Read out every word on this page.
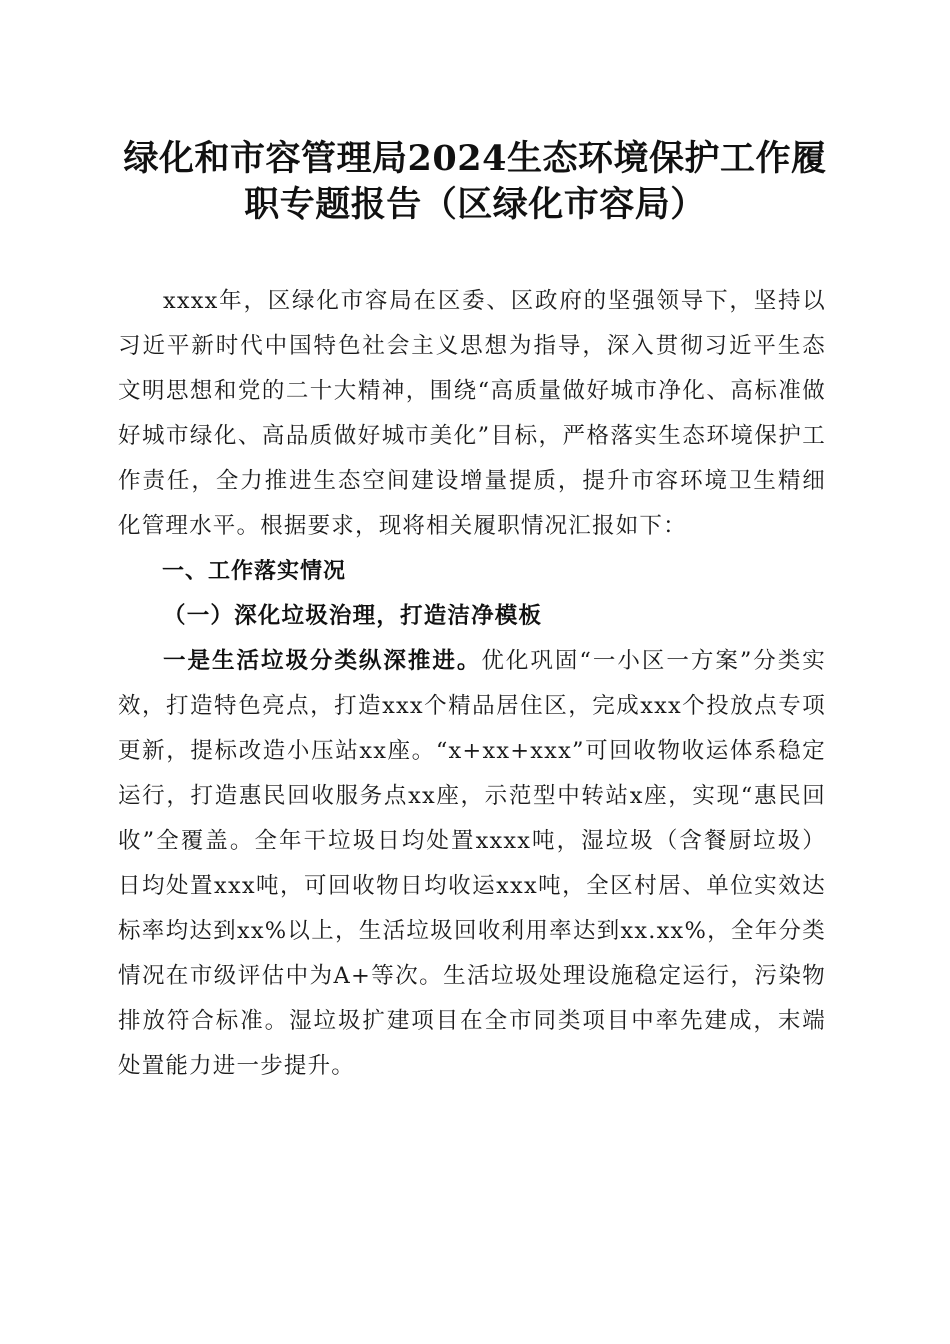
绿化和市容管理局2024生态环境保护工作履
职专题报告（区绿化市容局）

xxxx年，区绿化市容局在区委、区政府的坚强领导下，坚持以习近平新时代中国特色社会主义思想为指导，深入贯彻习近平生态文明思想和党的二十大精神，围绕“高质量做好城市净化、高标准做好城市绿化、高品质做好城市美化”目标，严格落实生态环境保护工作责任，全力推进生态空间建设增量提质，提升市容环境卫生精细化管理水平。根据要求，现将相关履职情况汇报如下：

一、工作落实情况

（一）深化垃圾治理，打造洁净模板

一是生活垃圾分类纵深推进。优化巩固“一小区一方案”分类实效，打造特色亮点，打造xxx个精品居住区，完成xxx个投放点专项更新，提标改造小压站xx座。“x+xx+xxx”可回收物收运体系稳定运行，打造惠民回收服务点xx座，示范型中转站x座，实现“惠民回收”全覆盖。全年干垃圾日均处置xxxx吨，湿垃圾（含餐厨垃圾）日均处置xxx吨，可回收物日均收运xxx吨，全区村居、单位实效达标率均达到xx%以上，生活垃圾回收利用率达到xx.xx%，全年分类情况在市级评估中为A+等次。生活垃圾处理设施稳定运行，污染物排放符合标准。湿垃圾扩建项目在全市同类项目中率先建成，末端处置能力进一步提升。
